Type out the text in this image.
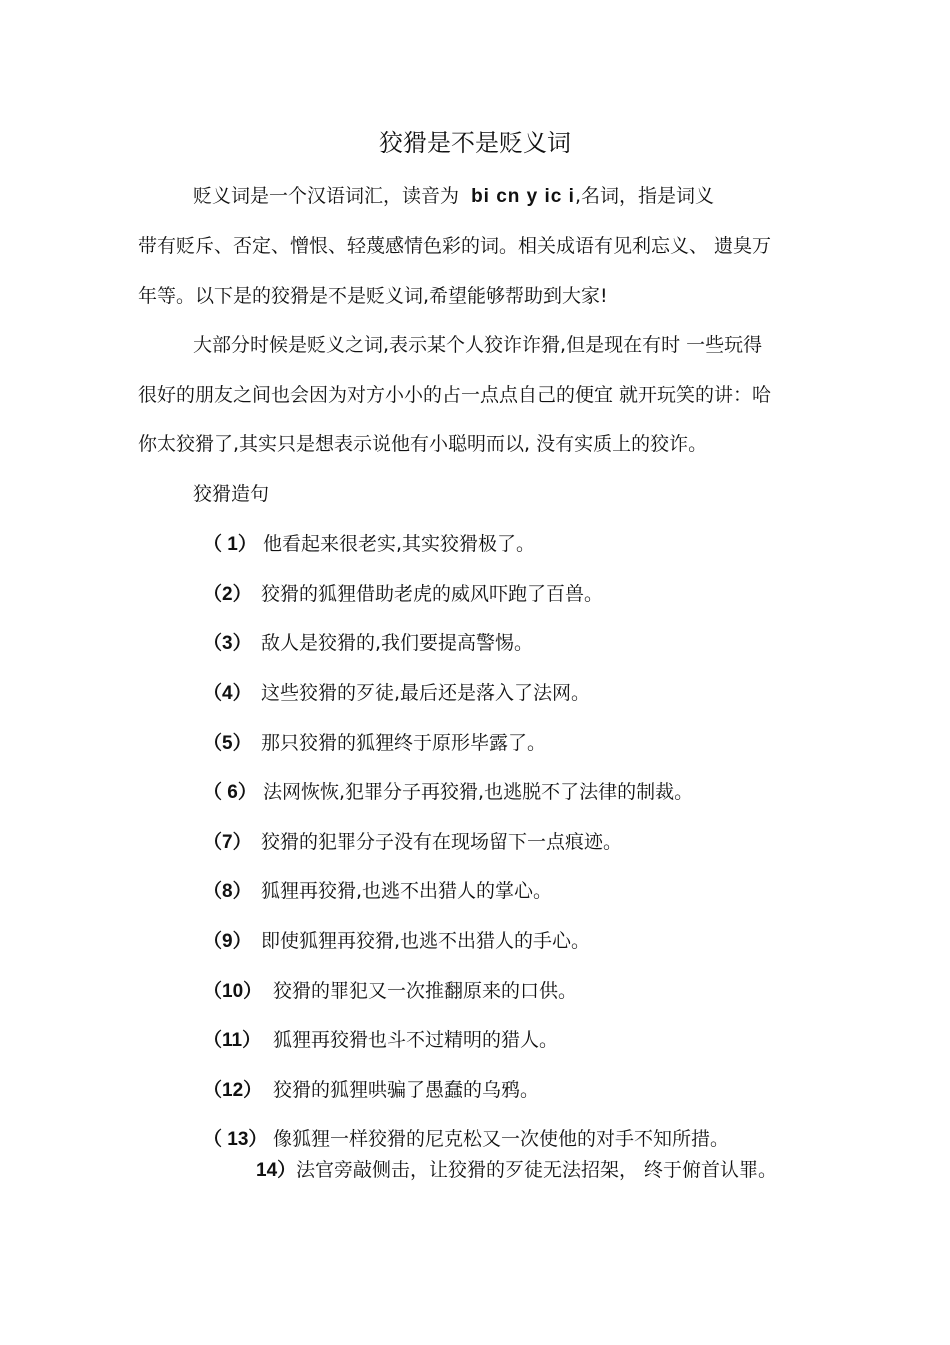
狡猾是不是贬义词
贬义词是一个汉语词汇，读音为 bi cn y ic i,名词，指是词义
带有贬斥、否定、憎恨、轻蔑感情色彩的词。相关成语有见利忘义、 遗臭万
年等。以下是的狡猾是不是贬义词,希望能够帮助到大家!
大部分时候是贬义之词,表示某个人狡诈诈猾,但是现在有时 一些玩得
很好的朋友之间也会因为对方小小的占一点点自己的便宜 就开玩笑的讲：哈
你太狡猾了,其实只是想表示说他有小聪明而以, 没有实质上的狡诈。
狡猾造句
（ 1） 他看起来很老实,其实狡猾极了。
（2） 狡猾的狐狸借助老虎的威风吓跑了百兽。
（3） 敌人是狡猾的,我们要提高警惕。
（4） 这些狡猾的歹徒,最后还是落入了法网。
（5） 那只狡猾的狐狸终于原形毕露了。
（ 6） 法网恢恢,犯罪分子再狡猾,也逃脱不了法律的制裁。
（7） 狡猾的犯罪分子没有在现场留下一点痕迹。
（8） 狐狸再狡猾,也逃不出猎人的掌心。
（9） 即使狐狸再狡猾,也逃不出猎人的手心。
（10） 狡猾的罪犯又一次推翻原来的口供。
（11） 狐狸再狡猾也斗不过精明的猎人。
（12） 狡猾的狐狸哄骗了愚蠢的乌鸦。
（ 13） 像狐狸一样狡猾的尼克松又一次使他的对手不知所措。
14）法官旁敲侧击，让狡猾的歹徒无法招架， 终于俯首认罪。
